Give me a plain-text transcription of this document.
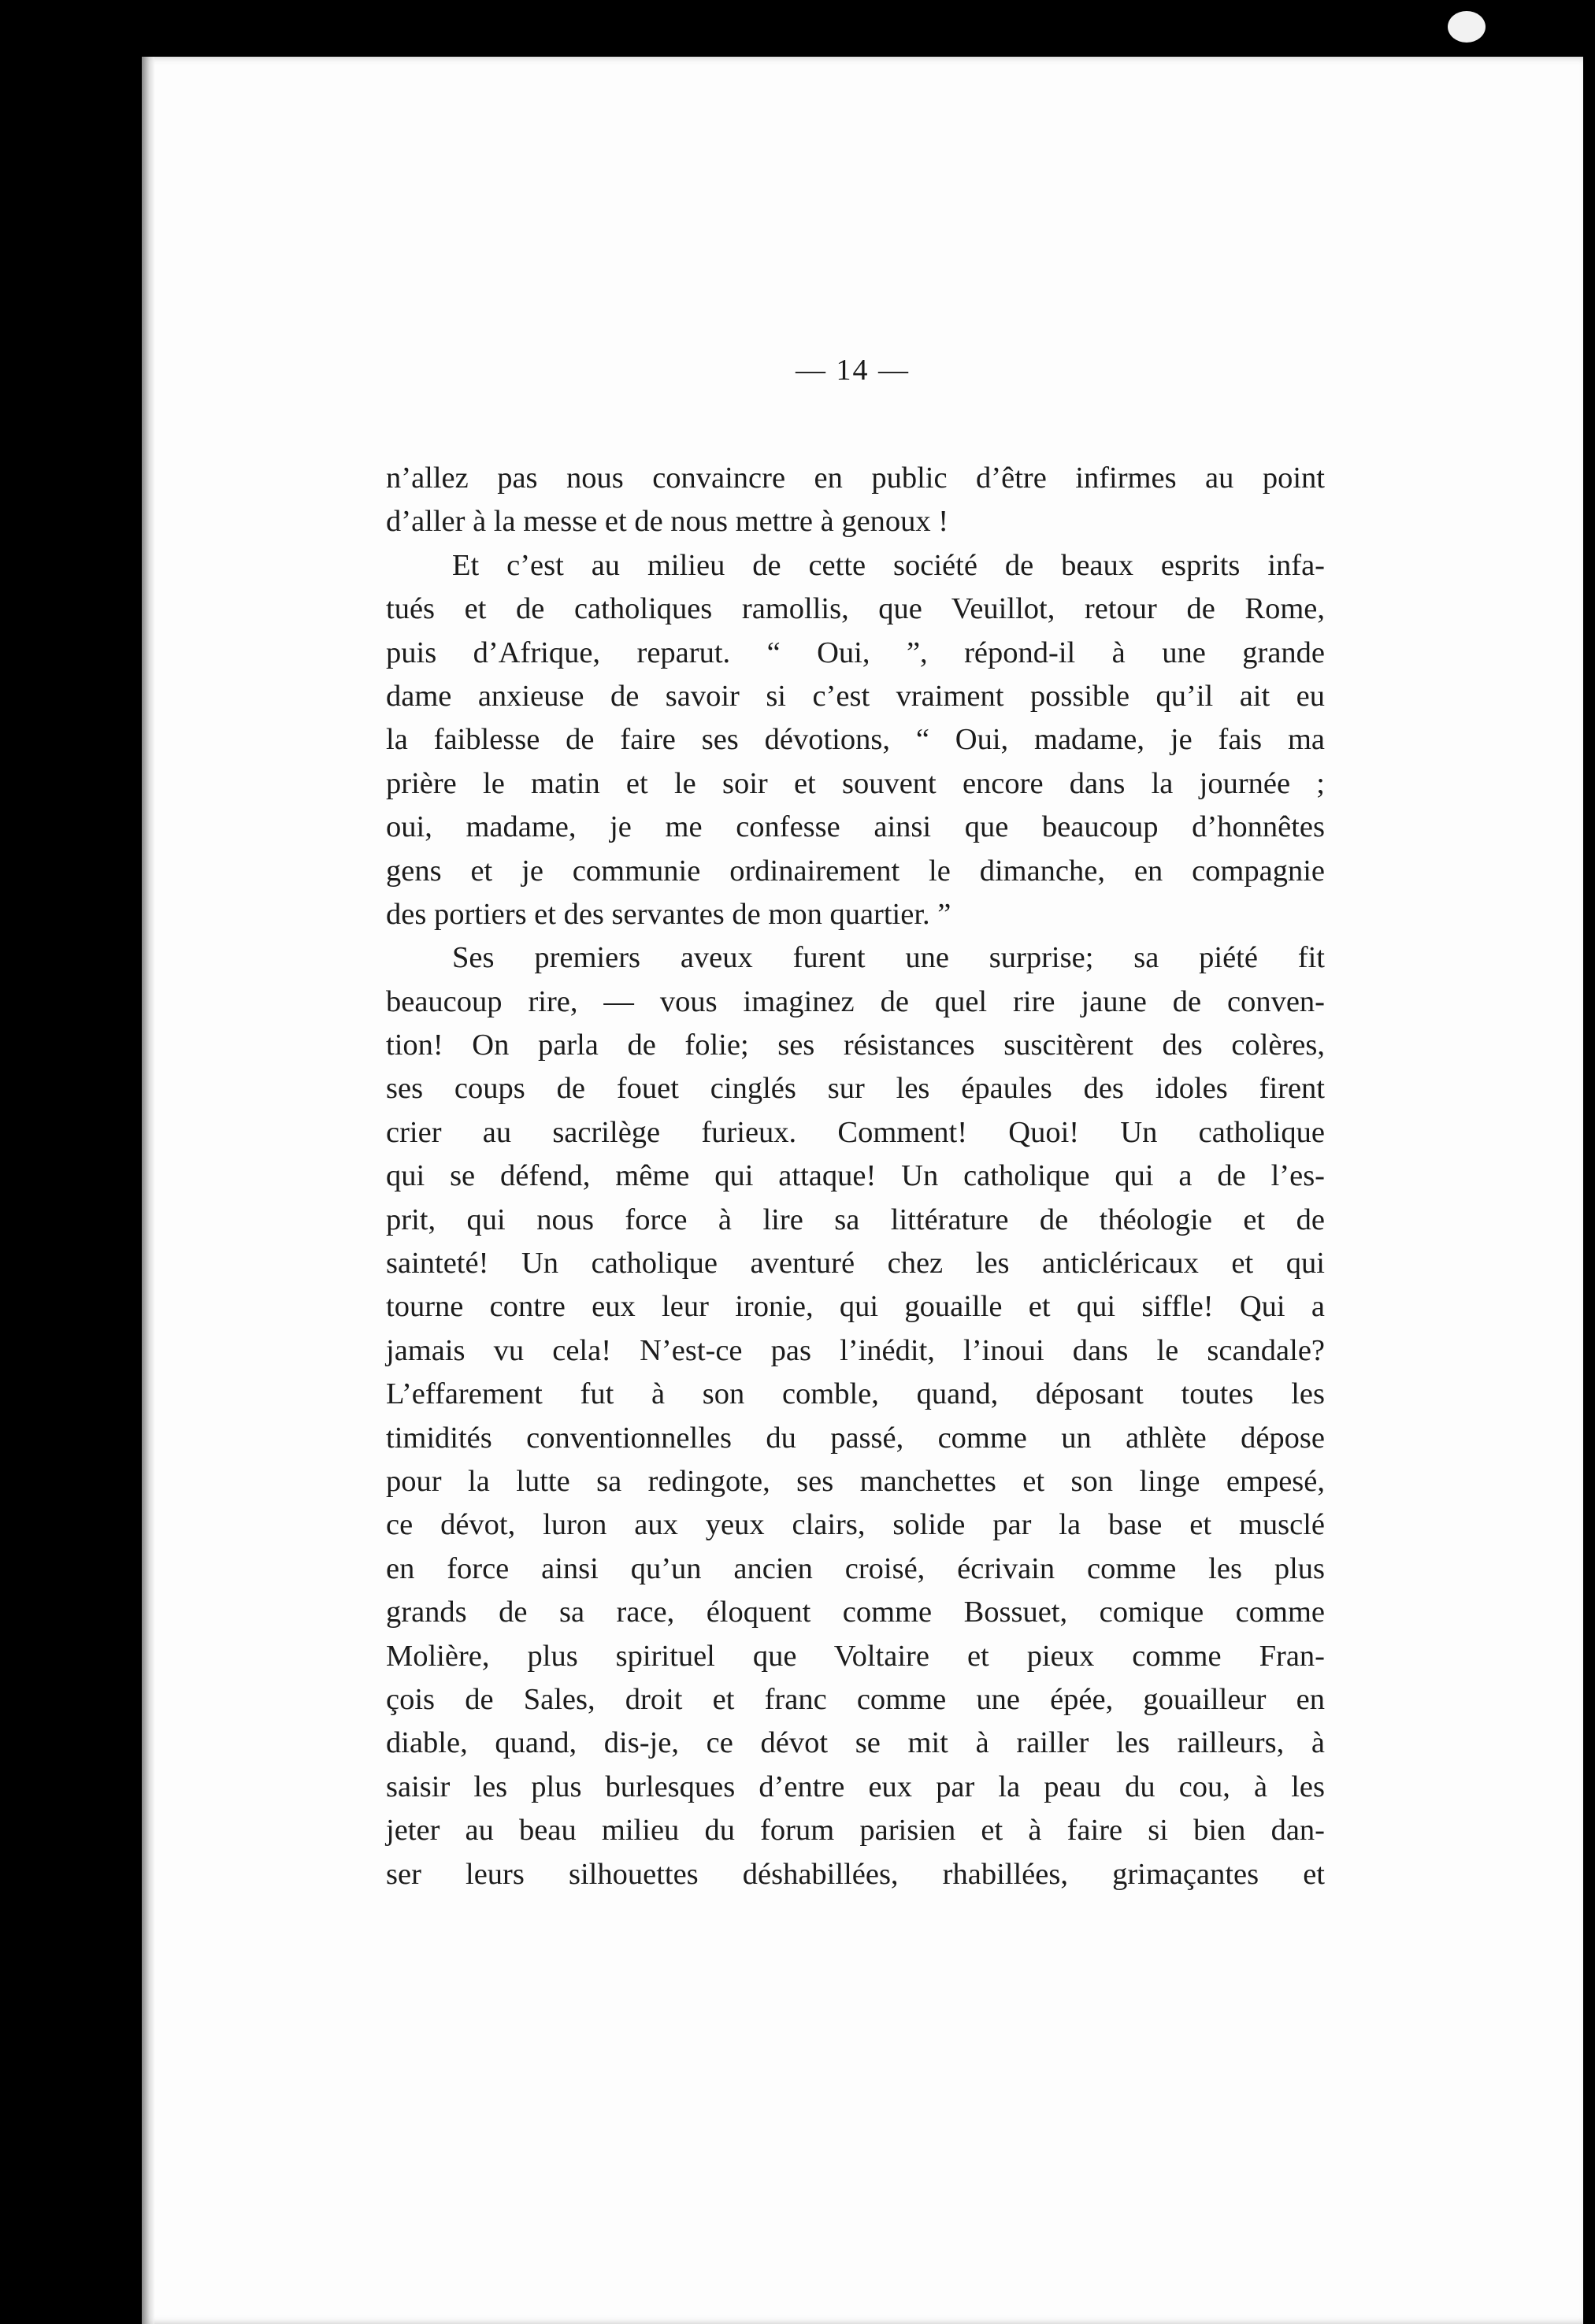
— 14 —
n’allez pas nous convaincre en public d’être infirmes au point
d’aller à la messe et de nous mettre à genoux !
Et c’est au milieu de cette société de beaux esprits infa-
tués et de catholiques ramollis, que Veuillot, retour de Rome,
puis d’Afrique, reparut. “ Oui, ”, répond-il à une grande
dame anxieuse de savoir si c’est vraiment possible qu’il ait eu
la faiblesse de faire ses dévotions, “ Oui, madame, je fais ma
prière le matin et le soir et souvent encore dans la journée ;
oui, madame, je me confesse ainsi que beaucoup d’honnêtes
gens et je communie ordinairement le dimanche, en compagnie
des portiers et des servantes de mon quartier. ”
Ses premiers aveux furent une surprise; sa piété fit
beaucoup rire, — vous imaginez de quel rire jaune de conven-
tion! On parla de folie; ses résistances suscitèrent des colères,
ses coups de fouet cinglés sur les épaules des idoles firent
crier au sacrilège furieux. Comment! Quoi! Un catholique
qui se défend, même qui attaque! Un catholique qui a de l’es-
prit, qui nous force à lire sa littérature de théologie et de
sainteté! Un catholique aventuré chez les anticléricaux et qui
tourne contre eux leur ironie, qui gouaille et qui siffle! Qui a
jamais vu cela! N’est-ce pas l’inédit, l’inoui dans le scandale?
L’effarement fut à son comble, quand, déposant toutes les
timidités conventionnelles du passé, comme un athlète dépose
pour la lutte sa redingote, ses manchettes et son linge empesé,
ce dévot, luron aux yeux clairs, solide par la base et musclé
en force ainsi qu’un ancien croisé, écrivain comme les plus
grands de sa race, éloquent comme Bossuet, comique comme
Molière, plus spirituel que Voltaire et pieux comme Fran-
çois de Sales, droit et franc comme une épée, gouailleur en
diable, quand, dis-je, ce dévot se mit à railler les railleurs, à
saisir les plus burlesques d’entre eux par la peau du cou, à les
jeter au beau milieu du forum parisien et à faire si bien dan-
ser leurs silhouettes déshabillées, rhabillées, grimaçantes et
